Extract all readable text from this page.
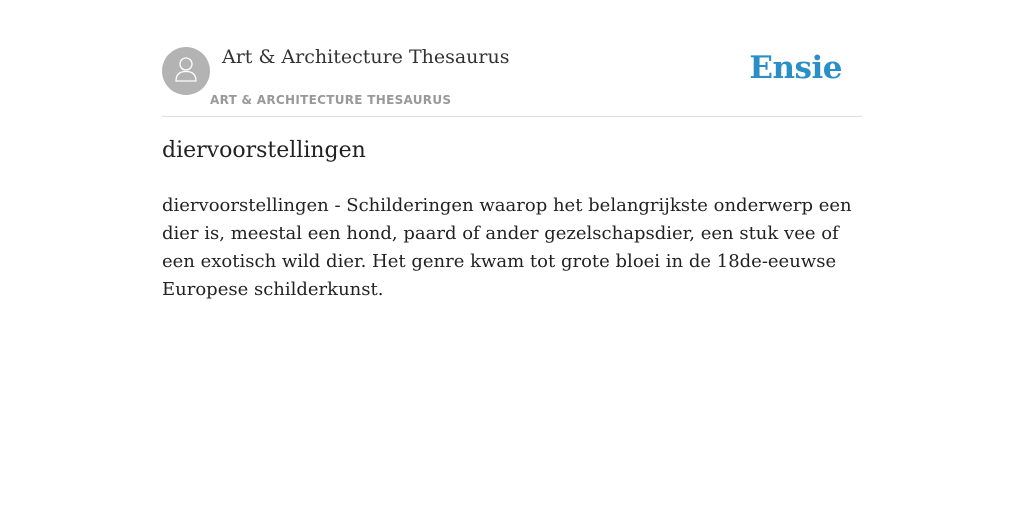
Art & Architecture Thesaurus
ART & ARCHITECTURE THESAURUS
Ensie
diervoorstellingen

diervoorstellingen - Schilderingen waarop het belangrijkste onderwerp een dier is, meestal een hond, paard of ander gezelschapsdier, een stuk vee of een exotisch wild dier. Het genre kwam tot grote bloei in de 18de-eeuwse Europese schilderkunst.
